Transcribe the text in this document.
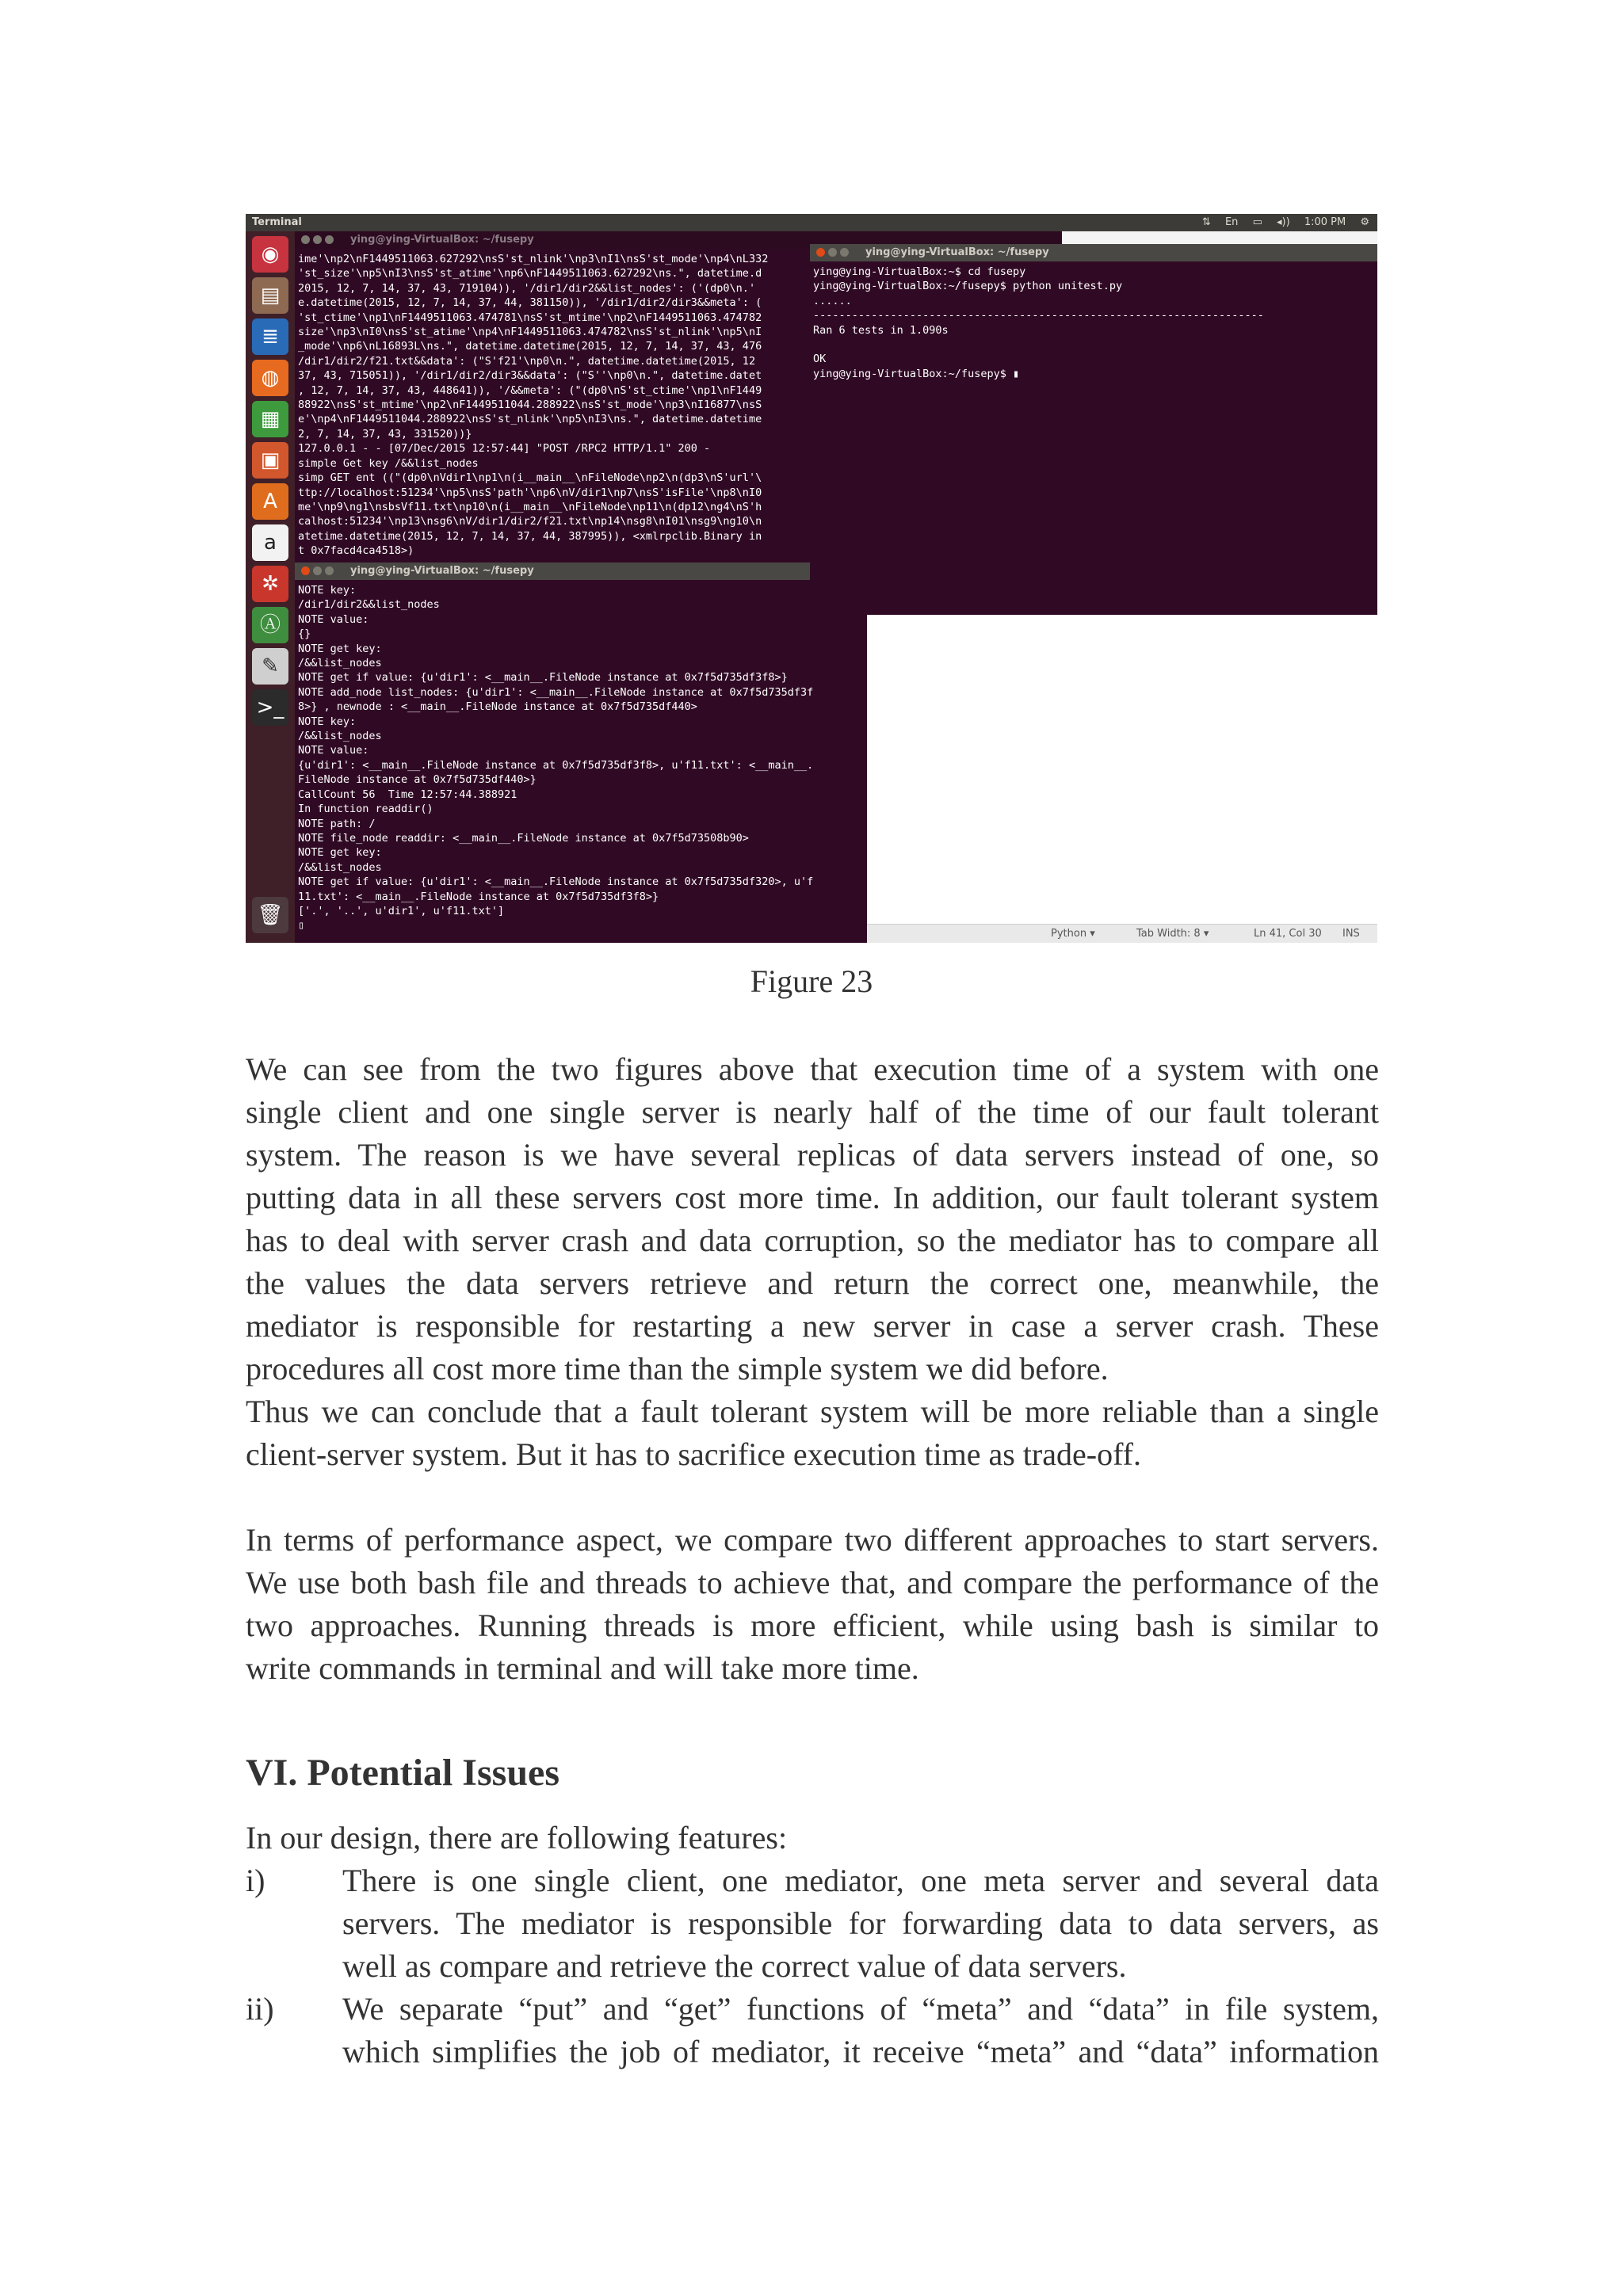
Terminal	⇅ En ▭ ◂)) 1:00 PM ⚙
◉
▤
≣
◍
▦
▣
A
a
✲
Ⓐ
✎
>_
🗑
ying@ying-VirtualBox: ~/fusepy
ime'\np2\nF1449511063.627292\nsS'st_nlink'\np3\nI1\nsS'st_mode'\np4\nL332
'st_size'\np5\nI3\nsS'st_atime'\np6\nF1449511063.627292\ns.", datetime.d
2015, 12, 7, 14, 37, 43, 719104)), '/dir1/dir2&&list_nodes': ('(dp0\n.'
e.datetime(2015, 12, 7, 14, 37, 44, 381150)), '/dir1/dir2/dir3&&meta': (
'st_ctime'\np1\nF1449511063.474781\nsS'st_mtime'\np2\nF1449511063.474782
size'\np3\nI0\nsS'st_atime'\np4\nF1449511063.474782\nsS'st_nlink'\np5\nI
_mode'\np6\nL16893L\ns.", datetime.datetime(2015, 12, 7, 14, 37, 43, 476
/dir1/dir2/f21.txt&&data': ("S'f21'\np0\n.", datetime.datetime(2015, 12
37, 43, 715051)), '/dir1/dir2/dir3&&data': ("S''\np0\n.", datetime.datet
, 12, 7, 14, 37, 43, 448641)), '/&&meta': ("(dp0\nS'st_ctime'\np1\nF1449
88922\nsS'st_mtime'\np2\nF1449511044.288922\nsS'st_mode'\np3\nI16877\nsS
e'\np4\nF1449511044.288922\nsS'st_nlink'\np5\nI3\ns.", datetime.datetime
2, 7, 14, 37, 43, 331520))}
127.0.0.1 - - [07/Dec/2015 12:57:44] "POST /RPC2 HTTP/1.1" 200 -
simple Get key /&&list_nodes
simp GET ent (("(dp0\nVdir1\np1\n(i__main__\nFileNode\np2\n(dp3\nS'url'\
ttp://localhost:51234'\np5\nsS'path'\np6\nV/dir1\np7\nsS'isFile'\np8\nI0
me'\np9\ng1\nsbsVf11.txt\np10\n(i__main__\nFileNode\np11\n(dp12\ng4\nS'h
calhost:51234'\np13\nsg6\nV/dir1/dir2/f21.txt\np14\nsg8\nI01\nsg9\ng10\n
atetime.datetime(2015, 12, 7, 14, 37, 44, 387995)), <xmlrpclib.Binary in
t 0x7facd4ca4518>)
ying@ying-VirtualBox: ~/fusepy
NOTE key:
/dir1/dir2&&list_nodes
NOTE value:
{}
NOTE get key:
/&&list_nodes
NOTE get if value: {u'dir1': <__main__.FileNode instance at 0x7f5d735df3f8>}
NOTE add_node list_nodes: {u'dir1': <__main__.FileNode instance at 0x7f5d735df3f
8>} , newnode : <__main__.FileNode instance at 0x7f5d735df440>
NOTE key:
/&&list_nodes
NOTE value:
{u'dir1': <__main__.FileNode instance at 0x7f5d735df3f8>, u'f11.txt': <__main__.
FileNode instance at 0x7f5d735df440>}
CallCount 56  Time 12:57:44.388921
In function readdir()
NOTE path: /
NOTE file_node readdir: <__main__.FileNode instance at 0x7f5d73508b90>
NOTE get key:
/&&list_nodes
NOTE get if value: {u'dir1': <__main__.FileNode instance at 0x7f5d735df320>, u'f
11.txt': <__main__.FileNode instance at 0x7f5d735df3f8>}
['.', '..', u'dir1', u'f11.txt']
▯
Python ▾	Tab Width: 8 ▾	Ln 41, Col 30 INS
ying@ying-VirtualBox: ~/fusepy
ying@ying-VirtualBox:~$ cd fusepy
ying@ying-VirtualBox:~/fusepy$ python unitest.py
......
----------------------------------------------------------------------
Ran 6 tests in 1.090s

OK
ying@ying-VirtualBox:~/fusepy$ ▮
Figure 23
We can see from the two figures above that execution time of a system with one
single client and one single server is nearly half of the time of our fault tolerant
system. The reason is we have several replicas of data servers instead of one, so
putting data in all these servers cost more time. In addition, our fault tolerant system
has to deal with server crash and data corruption, so the mediator has to compare all
the values the data servers retrieve and return the correct one, meanwhile, the
mediator is responsible for restarting a new server in case a server crash. These
procedures all cost more time than the simple system we did before.
Thus we can conclude that a fault tolerant system will be more reliable than a single
client-server system. But it has to sacrifice execution time as trade-off.
In terms of performance aspect, we compare two different approaches to start servers.
We use both bash file and threads to achieve that, and compare the performance of the
two approaches. Running threads is more efficient, while using bash is similar to
write commands in terminal and will take more time.
VI. Potential Issues
In our design, there are following features:
i) There is one single client, one mediator, one meta server and several data
servers. The mediator is responsible for forwarding data to data servers, as
well as compare and retrieve the correct value of data servers.
ii) We separate “put” and “get” functions of “meta” and “data” in file system,
which simplifies the job of mediator, it receive “meta” and “data” information
